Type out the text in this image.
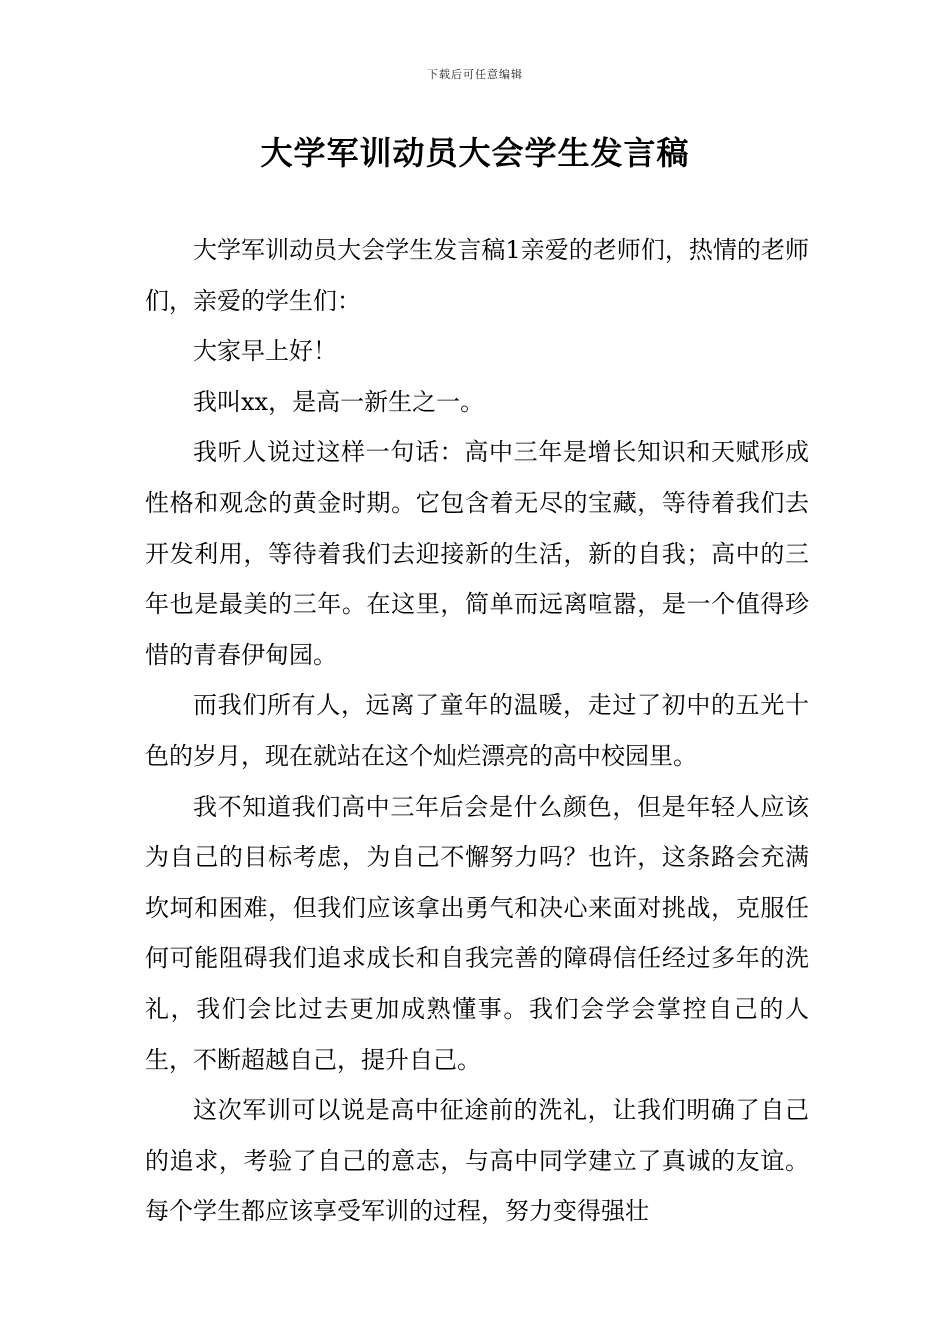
下载后可任意编辑
大学军训动员大会学生发言稿

大学军训动员大会学生发言稿1亲爱的老师们，热情的老师们，亲爱的学生们：

大家早上好！

我叫xx，是高一新生之一。

我听人说过这样一句话：高中三年是增长知识和天赋形成性格和观念的黄金时期。它包含着无尽的宝藏，等待着我们去开发利用，等待着我们去迎接新的生活，新的自我；高中的三年也是最美的三年。在这里，简单而远离喧嚣，是一个值得珍惜的青春伊甸园。

而我们所有人，远离了童年的温暖，走过了初中的五光十色的岁月，现在就站在这个灿烂漂亮的高中校园里。

我不知道我们高中三年后会是什么颜色，但是年轻人应该为自己的目标考虑，为自己不懈努力吗？也许，这条路会充满坎坷和困难，但我们应该拿出勇气和决心来面对挑战，克服任何可能阻碍我们追求成长和自我完善的障碍信任经过多年的洗礼，我们会比过去更加成熟懂事。我们会学会掌控自己的人生，不断超越自己，提升自己。

这次军训可以说是高中征途前的洗礼，让我们明确了自己的追求，考验了自己的意志，与高中同学建立了真诚的友谊。每个学生都应该享受军训的过程，努力变得强壮
